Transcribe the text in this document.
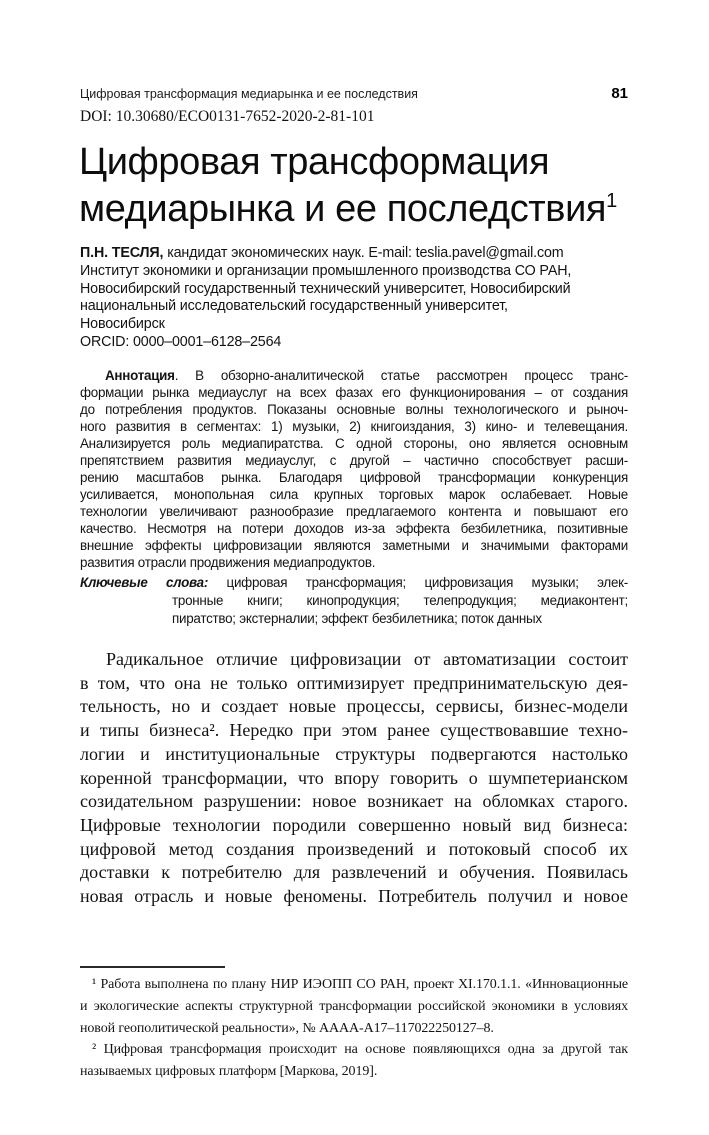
Цифровая трансформация медиарынка и ее последствия	81
DOI: 10.30680/ECO0131-7652-2020-2-81-101
Цифровая трансформация
медиарынка и ее последствия$^1$
П.Н. ТЕСЛЯ, кандидат экономических наук. E-mail: teslia.pavel@gmail.com
Институт экономики и организации промышленного производства СО РАН,
Новосибирский государственный технический университет, Новосибирский
национальный исследовательский государственный университет,
Новосибирск
ORCID: 0000–0001–6128–2564
Аннотация. В обзорно-аналитической статье рассмотрен процесс транс-
формации рынка медиауслуг на всех фазах его функционирования – от создания
до потребления продуктов. Показаны основные волны технологического и рыноч-
ного развития в сегментах: 1) музыки, 2) книгоиздания, 3) кино- и телевещания.
Анализируется роль медиапиратства. С одной стороны, оно является основным
препятствием развития медиауслуг, с другой – частично способствует расши-
рению масштабов рынка. Благодаря цифровой трансформации конкуренция
усиливается, монопольная сила крупных торговых марок ослабевает. Новые
технологии увеличивают разнообразие предлагаемого контента и повышают его
качество. Несмотря на потери доходов из-за эффекта безбилетника, позитивные
внешние эффекты цифровизации являются заметными и значимыми факторами
развития отрасли продвижения медиапродуктов.
Ключевые слова: цифровая трансформация; цифровизация музыки; элек-
тронные книги; кинопродукция; телепродукция; медиаконтент;
пиратство; экстерналии; эффект безбилетника; поток данных
Радикальное отличие цифровизации от автоматизации состоит
в том, что она не только оптимизирует предпринимательскую дея-
тельность, но и создает новые процессы, сервисы, бизнес-модели
и типы бизнеса². Нередко при этом ранее существовавшие техно-
логии и институциональные структуры подвергаются настолько
коренной трансформации, что впору говорить о шумпетерианском
созидательном разрушении: новое возникает на обломках старого.
Цифровые технологии породили совершенно новый вид бизнеса:
цифровой метод создания произведений и потоковый способ их
доставки к потребителю для развлечений и обучения. Появилась
новая отрасль и новые феномены. Потребитель получил и новое
¹ Работа выполнена по плану НИР ИЭОПП СО РАН, проект XI.170.1.1. «Инновационные
и экологические аспекты структурной трансформации российской экономики в условиях
новой геополитической реальности», № АААА-А17–117022250127–8.
² Цифровая трансформация происходит на основе появляющихся одна за другой так
называемых цифровых платформ [Маркова, 2019].
